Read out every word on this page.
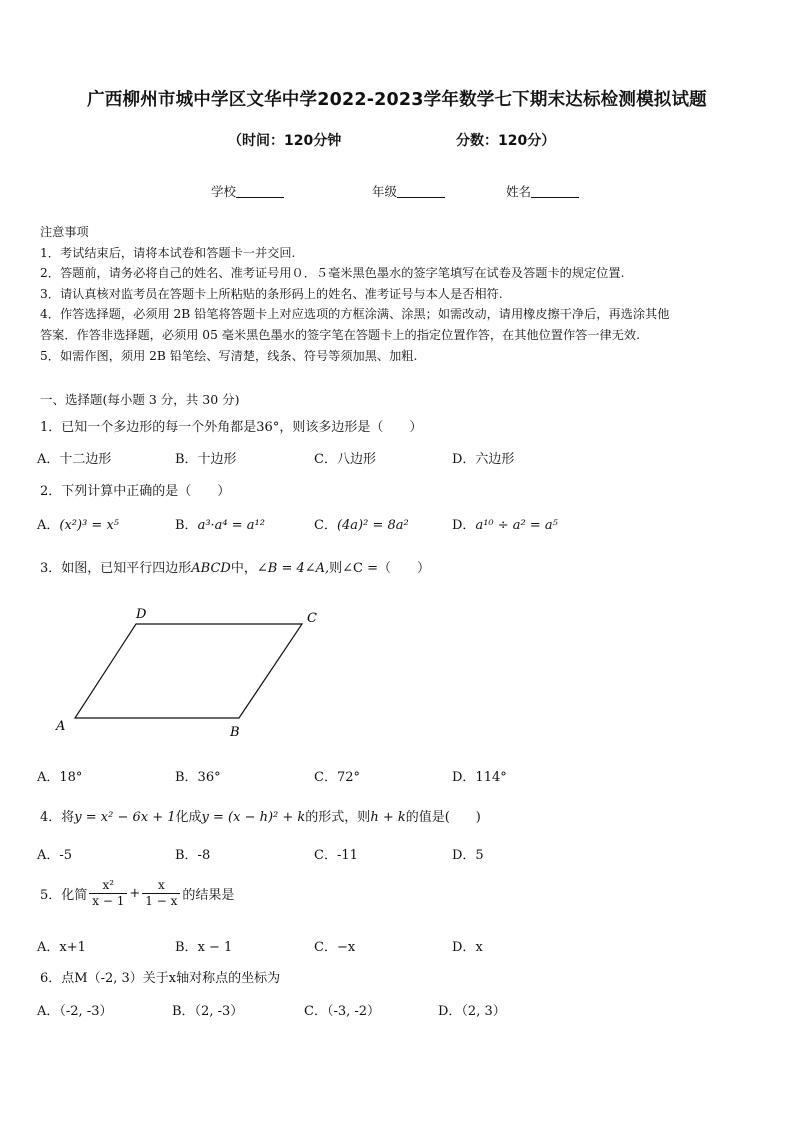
广西柳州市城中学区文华中学2022-2023学年数学七下期末达标检测模拟试题
（时间：120分钟	分数：120分）
学校	年级	姓名
注意事项
1．考试结束后，请将本试卷和答题卡一并交回.
2．答题前，请务必将自己的姓名、准考证号用０．５毫米黑色墨水的签字笔填写在试卷及答题卡的规定位置.
3．请认真核对监考员在答题卡上所粘贴的条形码上的姓名、准考证号与本人是否相符.
4．作答选择题，必须用 2B 铅笔将答题卡上对应选项的方框涂满、涂黑；如需改动，请用橡皮擦干净后，再选涂其他
答案．作答非选择题，必须用 05 毫米黑色墨水的签字笔在答题卡上的指定位置作答，在其他位置作答一律无效.
5．如需作图，须用 2B 铅笔绘、写清楚，线条、符号等须加黑、加粗.
一、选择题(每小题 3 分，共 30 分)
1．已知一个多边形的每一个外角都是36°，则该多边形是（　　）
A．十二边形	B．十边形	C．八边形	D．六边形
2．下列计算中正确的是（　　）
A．(x²)³ = x⁵	B．a³·a⁴ = a¹²	C．(4a)² = 8a²	D．a¹⁰ ÷ a² = a⁵
3．如图，已知平行四边形ABCD中，∠B = 4∠A,则∠C =（　　）
D	C
A	B
A．18°	B．36°	C．72°	D．114°
4．将y = x² − 6x + 1化成y = (x − h)² + k的形式，则h + k的值是(　　)
A．-5	B．-8	C．-11	D．5
5．化简 $\frac{\text{x²}}{x - 1} + \frac{x}{1 - x}$ 的结果是
A．x+1	B．x − 1	C．−x	D．x
6．点M（-2, 3）关于x轴对称点的坐标为
A．（-2, -3）	B．（2, -3）	C．（-3, -2）	D．（2, 3）
